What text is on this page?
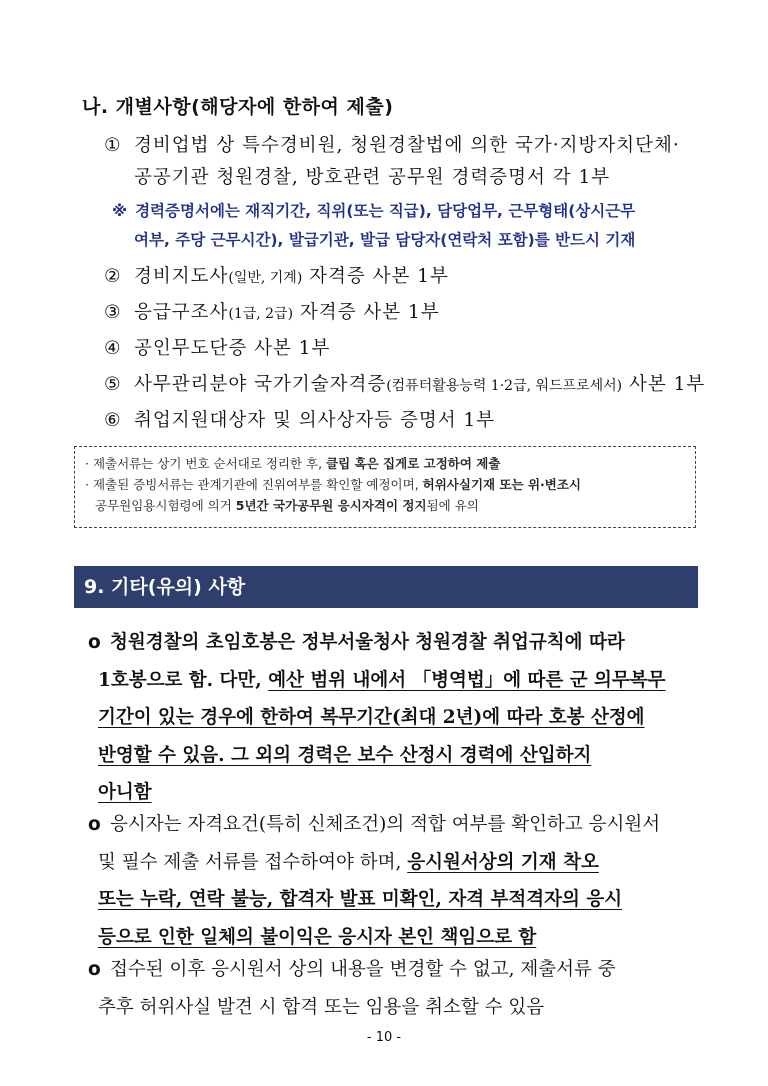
나. 개별사항(해당자에 한하여 제출)
① 경비업법 상 특수경비원, 청원경찰법에 의한 국가·지방자치단체·
공공기관 청원경찰, 방호관련 공무원 경력증명서 각 1부
※ 경력증명서에는 재직기간, 직위(또는 직급), 담당업무, 근무형태(상시근무
여부, 주당 근무시간), 발급기관, 발급 담당자(연락처 포함)를 반드시 기재
② 경비지도사(일반, 기계) 자격증 사본 1부
③ 응급구조사(1급, 2급) 자격증 사본 1부
④ 공인무도단증 사본 1부
⑤ 사무관리분야 국가기술자격증(컴퓨터활용능력 1·2급, 워드프로세서) 사본 1부
⑥ 취업지원대상자 및 의사상자등 증명서 1부
· 제출서류는 상기 번호 순서대로 정리한 후, 클립 혹은 집게로 고정하여 제출
· 제출된 증빙서류는 관계기관에 진위여부를 확인할 예정이며, 허위사실기재 또는 위·변조시
공무원임용시험령에 의거 5년간 국가공무원 응시자격이 정지됨에 유의
9. 기타(유의) 사항
o 청원경찰의 초임호봉은 정부서울청사 청원경찰 취업규칙에 따라
1호봉으로 함. 다만, 예산 범위 내에서 「병역법」에 따른 군 의무복무
기간이 있는 경우에 한하여 복무기간(최대 2년)에 따라 호봉 산정에
반영할 수 있음. 그 외의 경력은 보수 산정시 경력에 산입하지
아니함
o 응시자는 자격요건(특히 신체조건)의 적합 여부를 확인하고 응시원서
및 필수 제출 서류를 접수하여야 하며, 응시원서상의 기재 착오
또는 누락, 연락 불능, 합격자 발표 미확인, 자격 부적격자의 응시
등으로 인한 일체의 불이익은 응시자 본인 책임으로 함
o 접수된 이후 응시원서 상의 내용을 변경할 수 없고, 제출서류 중
추후 허위사실 발견 시 합격 또는 임용을 취소할 수 있음
- 10 -
